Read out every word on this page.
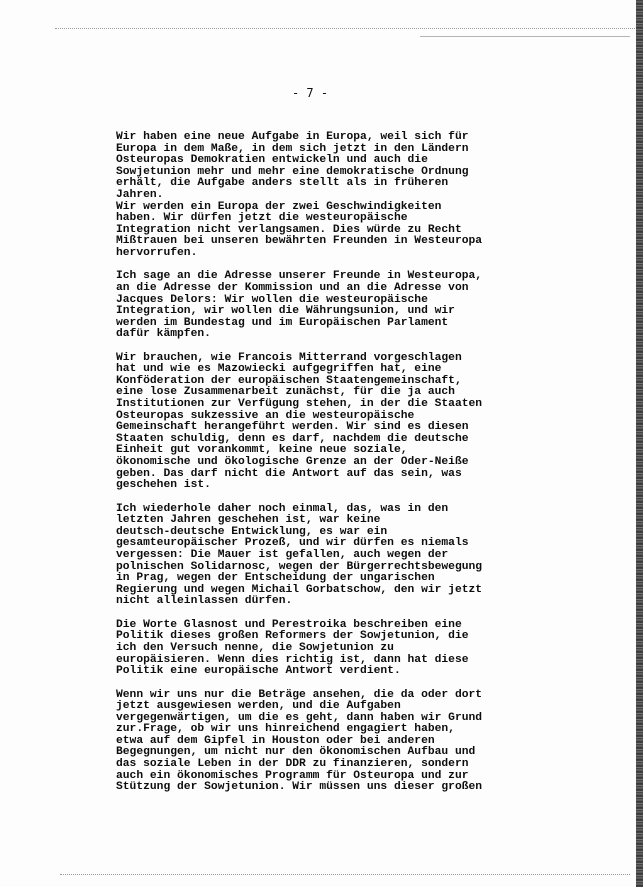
- 7 -
Wir haben eine neue Aufgabe in Europa, weil sich für
Europa in dem Maße, in dem sich jetzt in den Ländern
Osteuropas Demokratien entwickeln und auch die
Sowjetunion mehr und mehr eine demokratische Ordnung
erhält, die Aufgabe anders stellt als in früheren
Jahren.
Wir werden ein Europa der zwei Geschwindigkeiten
haben. Wir dürfen jetzt die westeuropäische
Integration nicht verlangsamen. Dies würde zu Recht
Mißtrauen bei unseren bewährten Freunden in Westeuropa
hervorrufen.
Ich sage an die Adresse unserer Freunde in Westeuropa,
an die Adresse der Kommission und an die Adresse von
Jacques Delors: Wir wollen die westeuropäische
Integration, wir wollen die Währungsunion, und wir
werden im Bundestag und im Europäischen Parlament
dafür kämpfen.
Wir brauchen, wie Francois Mitterrand vorgeschlagen
hat und wie es Mazowiecki aufgegriffen hat, eine
Konföderation der europäischen Staatengemeinschaft,
eine lose Zusammenarbeit zunächst, für die ja auch
Institutionen zur Verfügung stehen, in der die Staaten
Osteuropas sukzessive an die westeuropäische
Gemeinschaft herangeführt werden. Wir sind es diesen
Staaten schuldig, denn es darf, nachdem die deutsche
Einheit gut vorankommt, keine neue soziale,
ökonomische und ökologische Grenze an der Oder-Neiße
geben. Das darf nicht die Antwort auf das sein, was
geschehen ist.
Ich wiederhole daher noch einmal, das, was in den
letzten Jahren geschehen ist, war keine
deutsch-deutsche Entwicklung, es war ein
gesamteuropäischer Prozeß, und wir dürfen es niemals
vergessen: Die Mauer ist gefallen, auch wegen der
polnischen Solidarnosc, wegen der Bürgerrechtsbewegung
in Prag, wegen der Entscheidung der ungarischen
Regierung und wegen Michail Gorbatschow, den wir jetzt
nicht alleinlassen dürfen.
Die Worte Glasnost und Perestroika beschreiben eine
Politik dieses großen Reformers der Sowjetunion, die
ich den Versuch nenne, die Sowjetunion zu
europäisieren. Wenn dies richtig ist, dann hat diese
Politik eine europäische Antwort verdient.
Wenn wir uns nur die Beträge ansehen, die da oder dort
jetzt ausgewiesen werden, und die Aufgaben
vergegenwärtigen, um die es geht, dann haben wir Grund
zur.Frage, ob wir uns hinreichend engagiert haben,
etwa auf dem Gipfel in Houston oder bei anderen
Begegnungen, um nicht nur den ökonomischen Aufbau und
das soziale Leben in der DDR zu finanzieren, sondern
auch ein ökonomisches Programm für Osteuropa und zur
Stützung der Sowjetunion. Wir müssen uns dieser großen
